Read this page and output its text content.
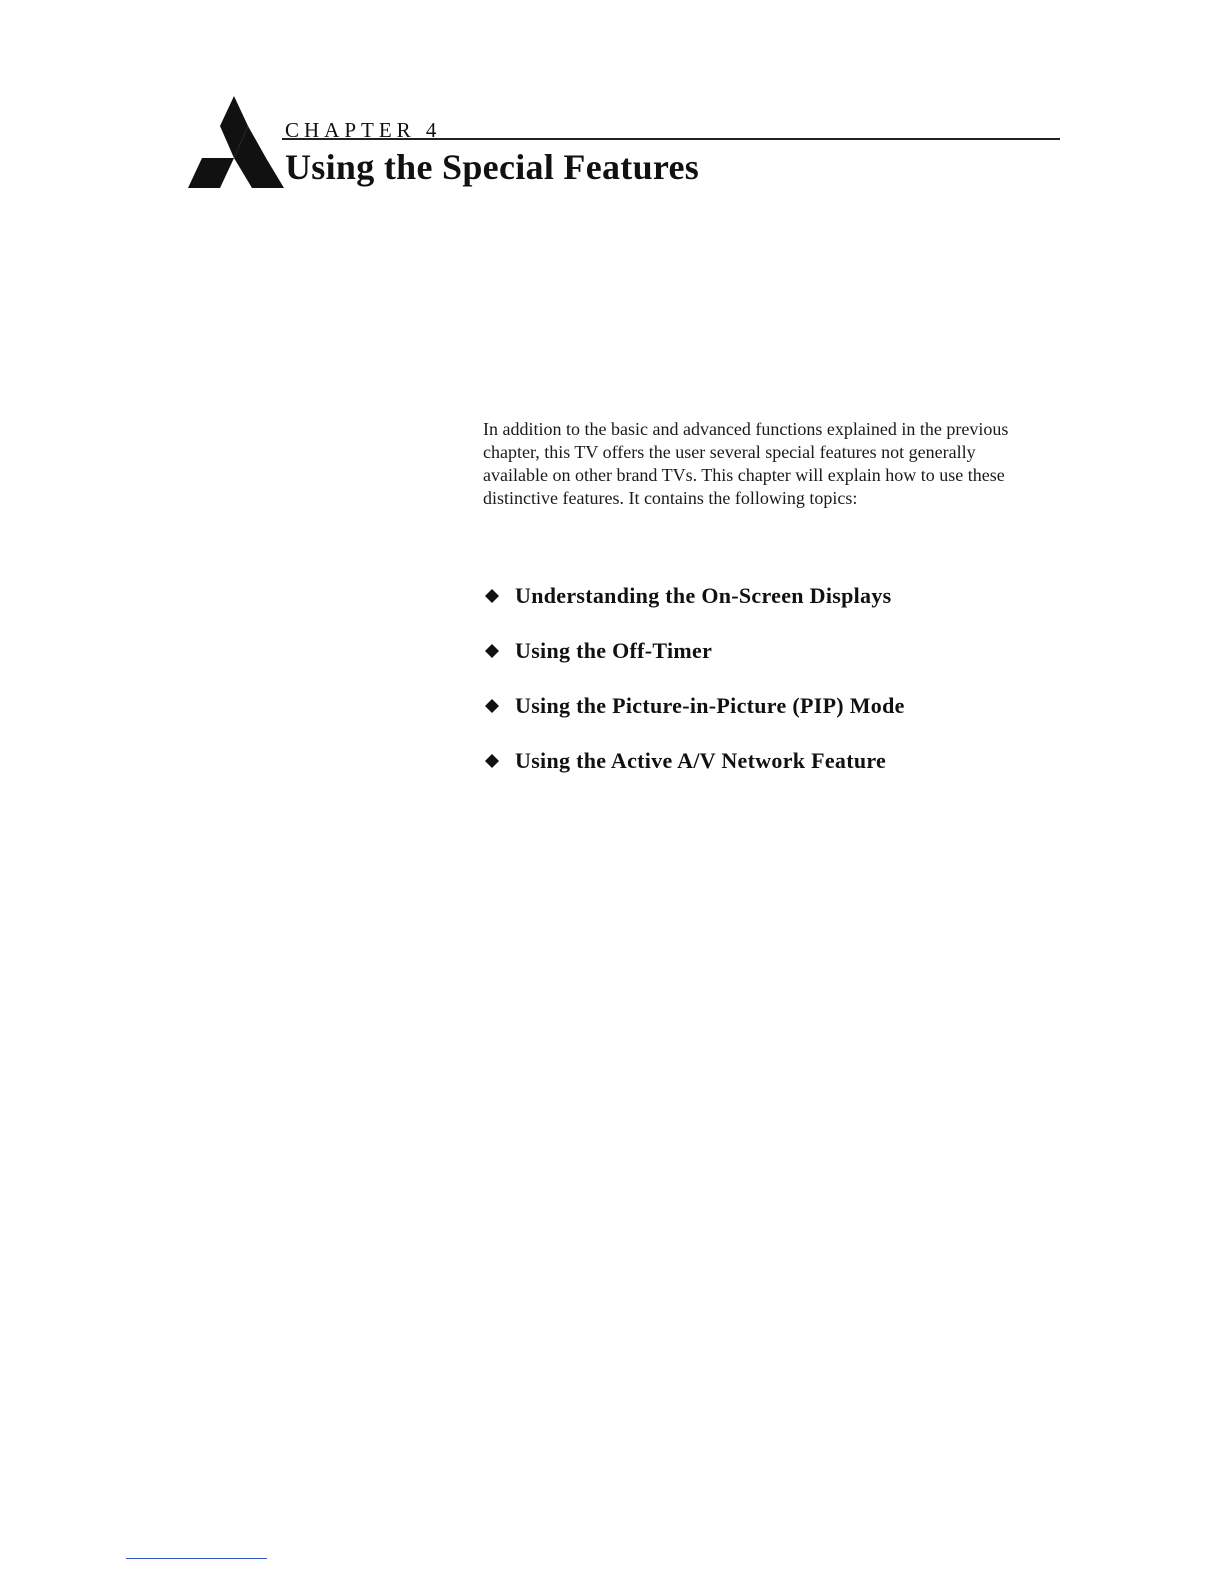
CHAPTER 4
Using the Special Features

In addition to the basic and advanced functions explained in the previous chapter, this TV offers the user several special features not generally available on other brand TVs. This chapter will explain how to use these distinctive features. It contains the following topics:

Understanding the On-Screen Displays
Using the Off-Timer
Using the Picture-in-Picture (PIP) Mode
Using the Active A/V Network Feature
